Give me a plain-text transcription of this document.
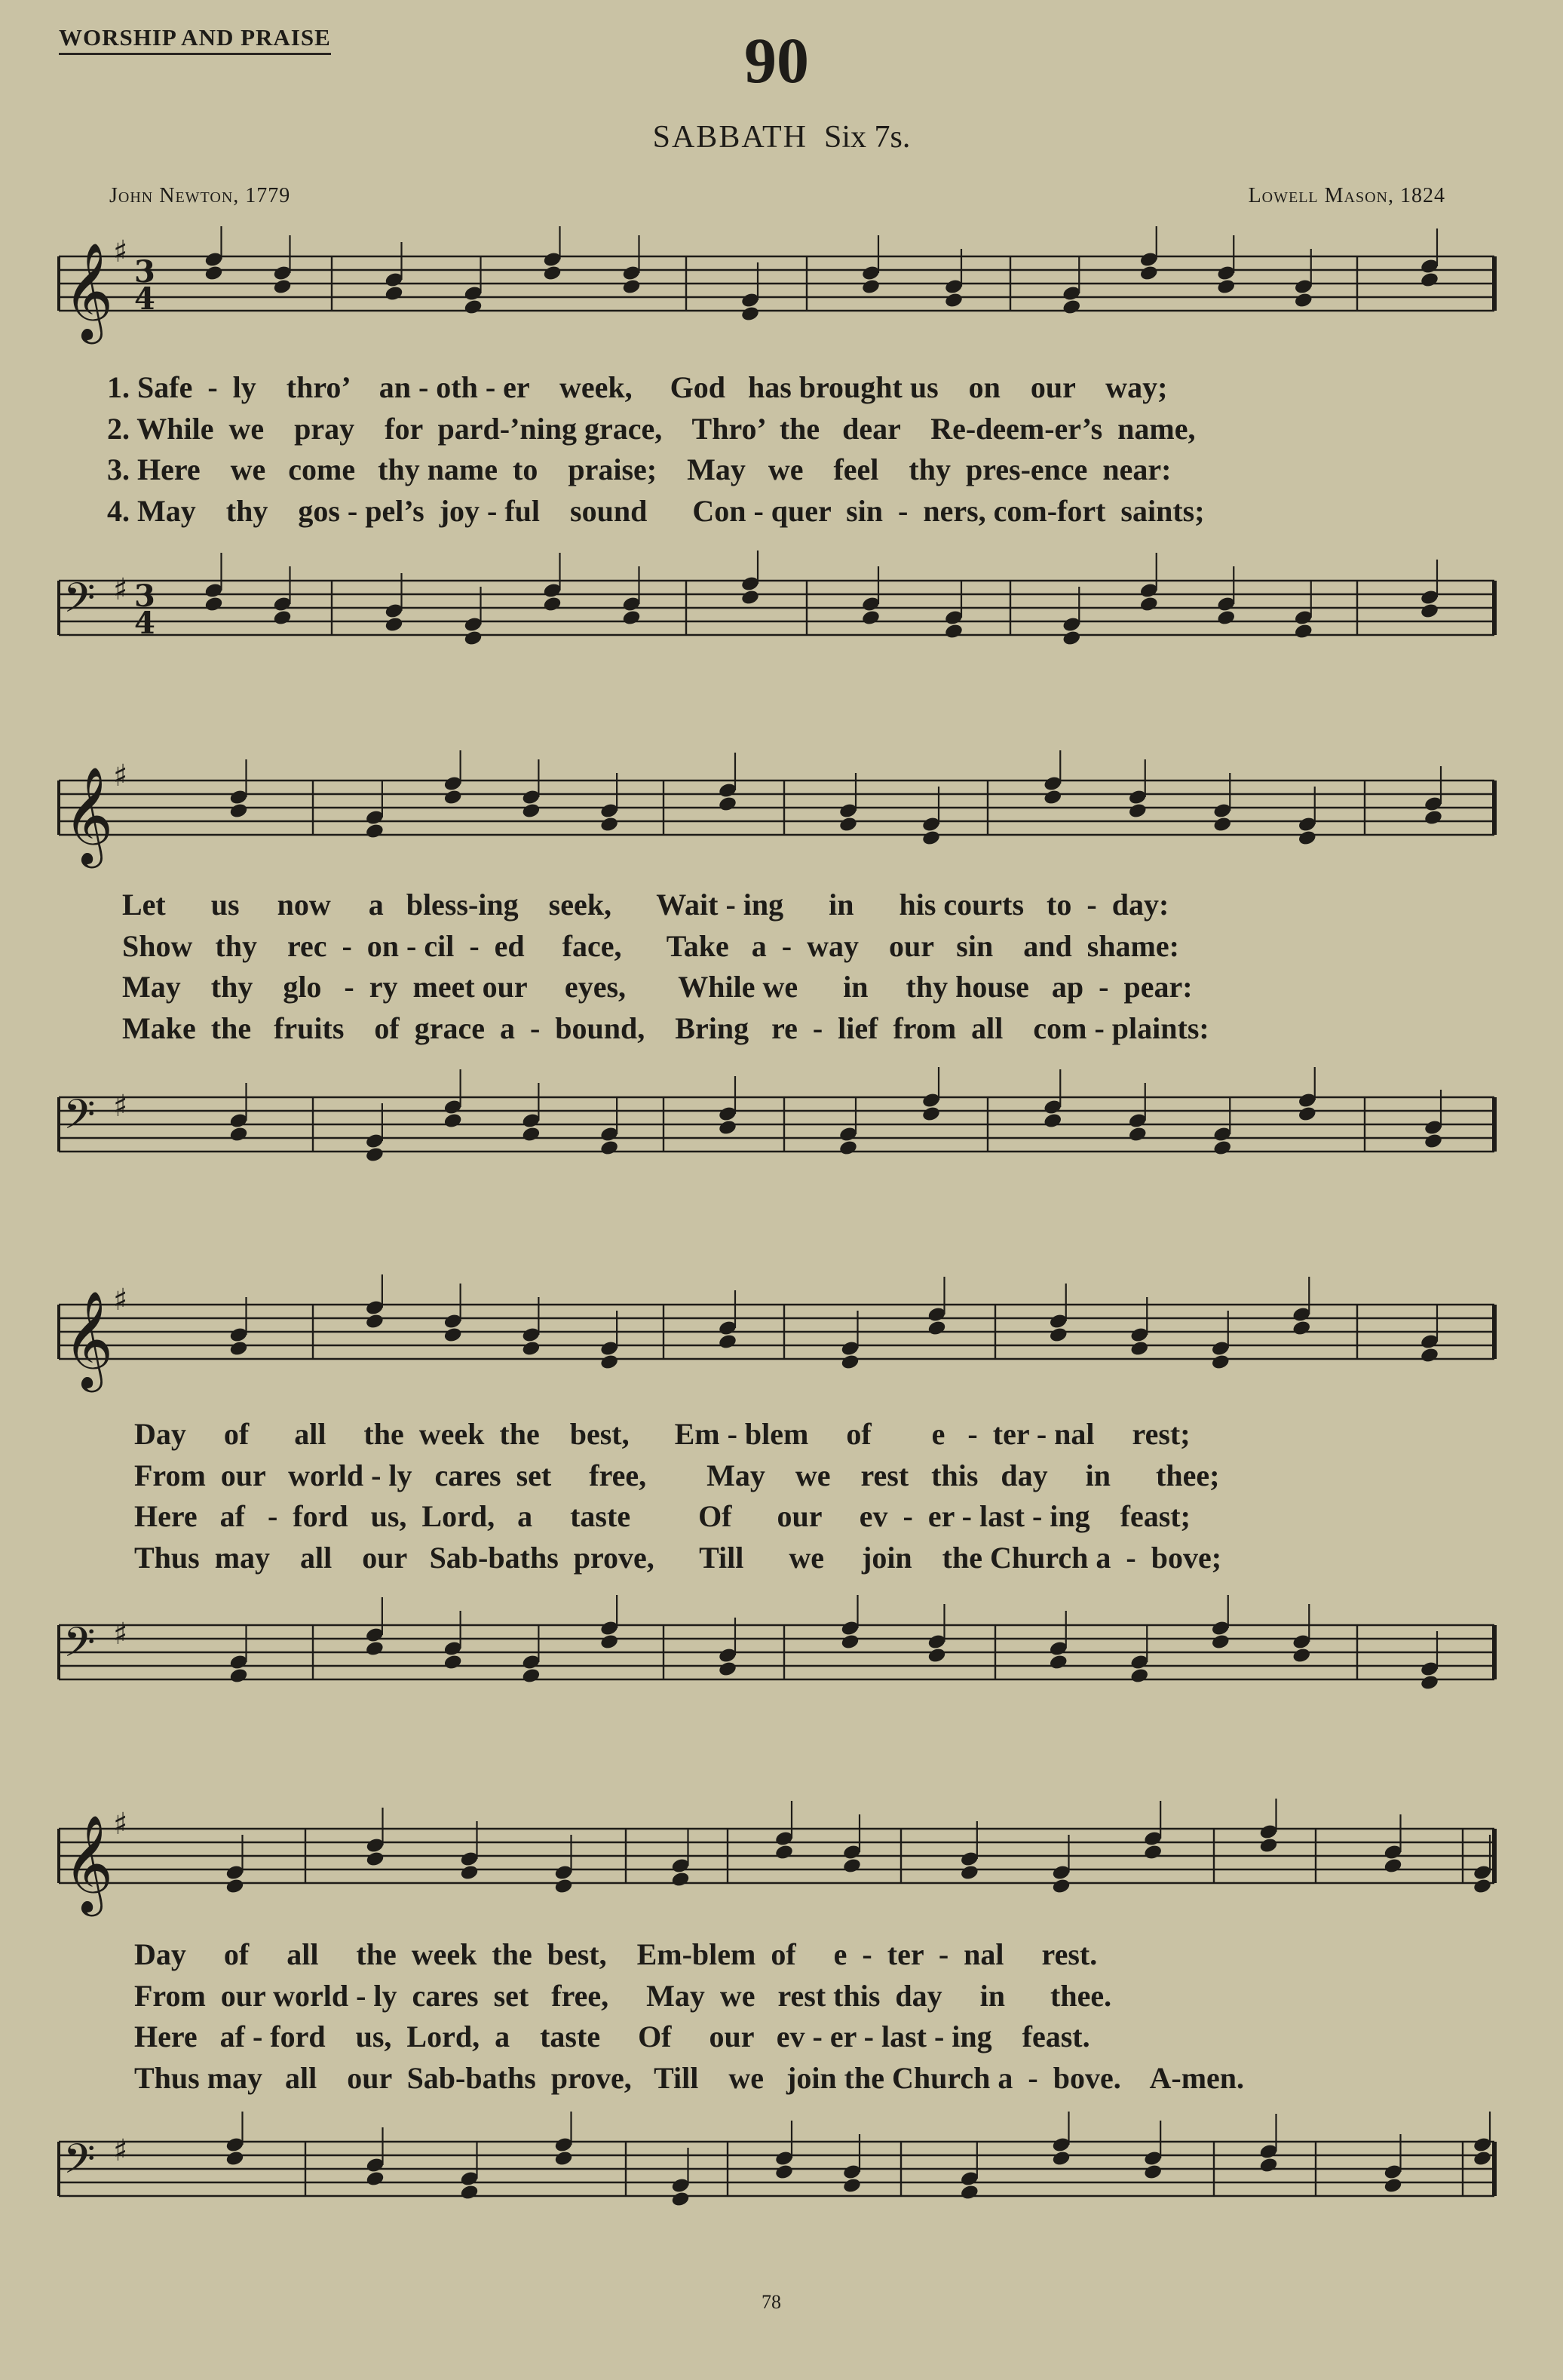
WORSHIP AND PRAISE	90
SABBATH Six 7s.
John Newton, 1779	Lowell Mason, 1824
𝄞 ♯
3
4
1. Safe  -  ly    thro’    an - oth - er    week,     God   has brought us    on    our    way;
2. While  we    pray    for  pard-’ning grace,    Thro’  the   dear    Re-deem-er’s  name,
3. Here    we   come   thy name  to    praise;    May   we    feel    thy  pres-ence  near:
4. May    thy    gos - pel’s  joy - ful    sound      Con - quer  sin  -  ners, com-fort  saints;
𝄢 ♯ 3
4
𝄞 ♯
Let      us     now     a   bless-ing    seek,      Wait - ing      in      his courts   to  -  day:
Show   thy    rec  -  on - cil  -  ed     face,      Take   a  -  way    our   sin    and  shame:
May    thy    glo   -  ry  meet our     eyes,       While we      in     thy house   ap  -  pear:
Make  the   fruits    of  grace  a  -  bound,    Bring   re  -  lief  from  all    com - plaints:
𝄢 ♯
𝄞 ♯
Day     of      all     the  week  the    best,      Em - blem     of        e   -  ter - nal     rest;
From  our   world - ly   cares  set     free,        May    we    rest   this   day     in      thee;
Here   af   -  ford   us,  Lord,   a     taste         Of      our     ev  -  er - last - ing    feast;
Thus  may    all    our   Sab-baths  prove,      Till      we     join    the Church a  -  bove;
𝄢 ♯
𝄞 ♯
Day     of     all     the  week  the  best,    Em-blem  of     e  -  ter  -  nal     rest.
From  our world - ly  cares  set   free,     May  we   rest this  day     in      thee.
Here   af - ford    us,  Lord,  a    taste     Of     our   ev - er - last - ing    feast.
Thus may   all    our  Sab-baths  prove,   Till    we   join the Church a  -  bove.    A-men.
𝄢 ♯
78
